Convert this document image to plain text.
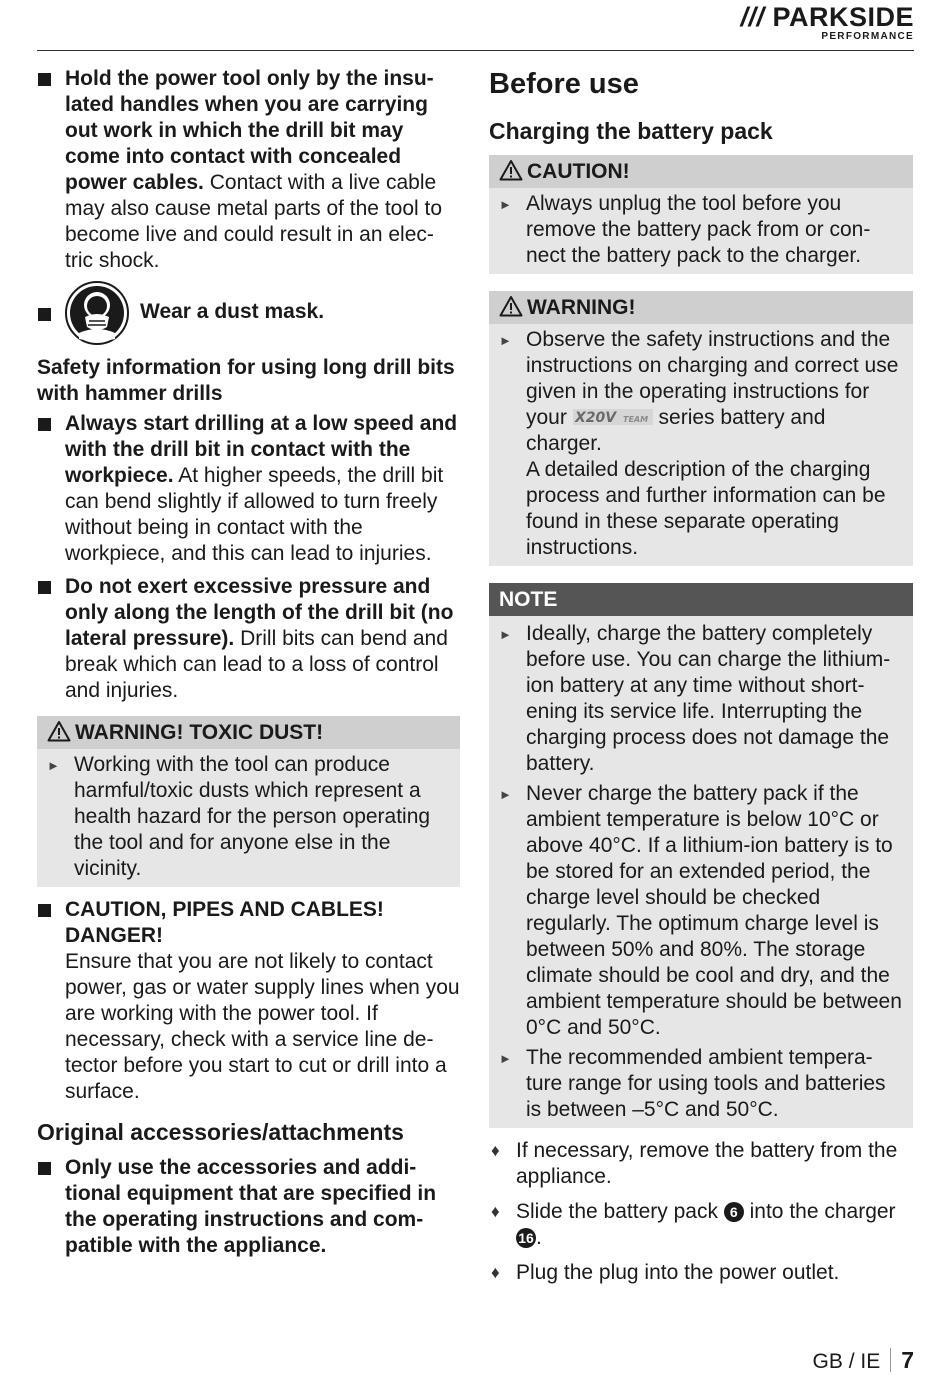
/// PARKSIDE
PERFORMANCE
Hold the power tool only by the insu-lated handles when you are carrying out work in which the drill bit may come into contact with concealed power cables. Contact with a live cable may also cause metal parts of the tool to become live and could result in an elec-tric shock.
Wear a dust mask.

Safety information for using long drill bits with hammer drills

Always start drilling at a low speed and with the drill bit in contact with the workpiece. At higher speeds, the drill bit can bend slightly if allowed to turn freely without being in contact with the workpiece, and this can lead to injuries.
Do not exert excessive pressure and only along the length of the drill bit (no lateral pressure). Drill bits can bend and break which can lead to a loss of control and injuries.
WARNING! TOXIC DUST!
► Working with the tool can produce harmful/toxic dusts which represent a health hazard for the person operating the tool and for anyone else in the vicinity.
CAUTION, PIPES AND CABLES!
DANGER!
Ensure that you are not likely to contact power, gas or water supply lines when you are working with the power tool. If necessary, check with a service line de-tector before you start to cut or drill into a surface.
Original accessories/attachments
Only use the accessories and addi-tional equipment that are specified in the operating instructions and com-patible with the appliance.
Before use
Charging the battery pack
CAUTION!
► Always unplug the tool before you remove the battery pack from or con-nect the battery pack to the charger.
WARNING!
► Observe the safety instructions and the instructions on charging and correct use given in the operating instructions for your X20V TEAM series battery and charger.
A detailed description of the charging process and further information can be found in these separate operating instructions.
NOTE
► Ideally, charge the battery completely before use. You can charge the lithium-ion battery at any time without short-ening its service life. Interrupting the charging process does not damage the battery.
► Never charge the battery pack if the ambient temperature is below 10°C or above 40°C. If a lithium-ion battery is to be stored for an extended period, the charge level should be checked regularly. The optimum charge level is between 50% and 80%. The storage climate should be cool and dry, and the ambient temperature should be between 0°C and 50°C.
► The recommended ambient tempera-ture range for using tools and batteries is between –5°C and 50°C.
♦ If necessary, remove the battery from the appliance.
♦ Slide the battery pack 6 into the charger 16 .
♦ Plug the plug into the power outlet.
GB / IE 7
